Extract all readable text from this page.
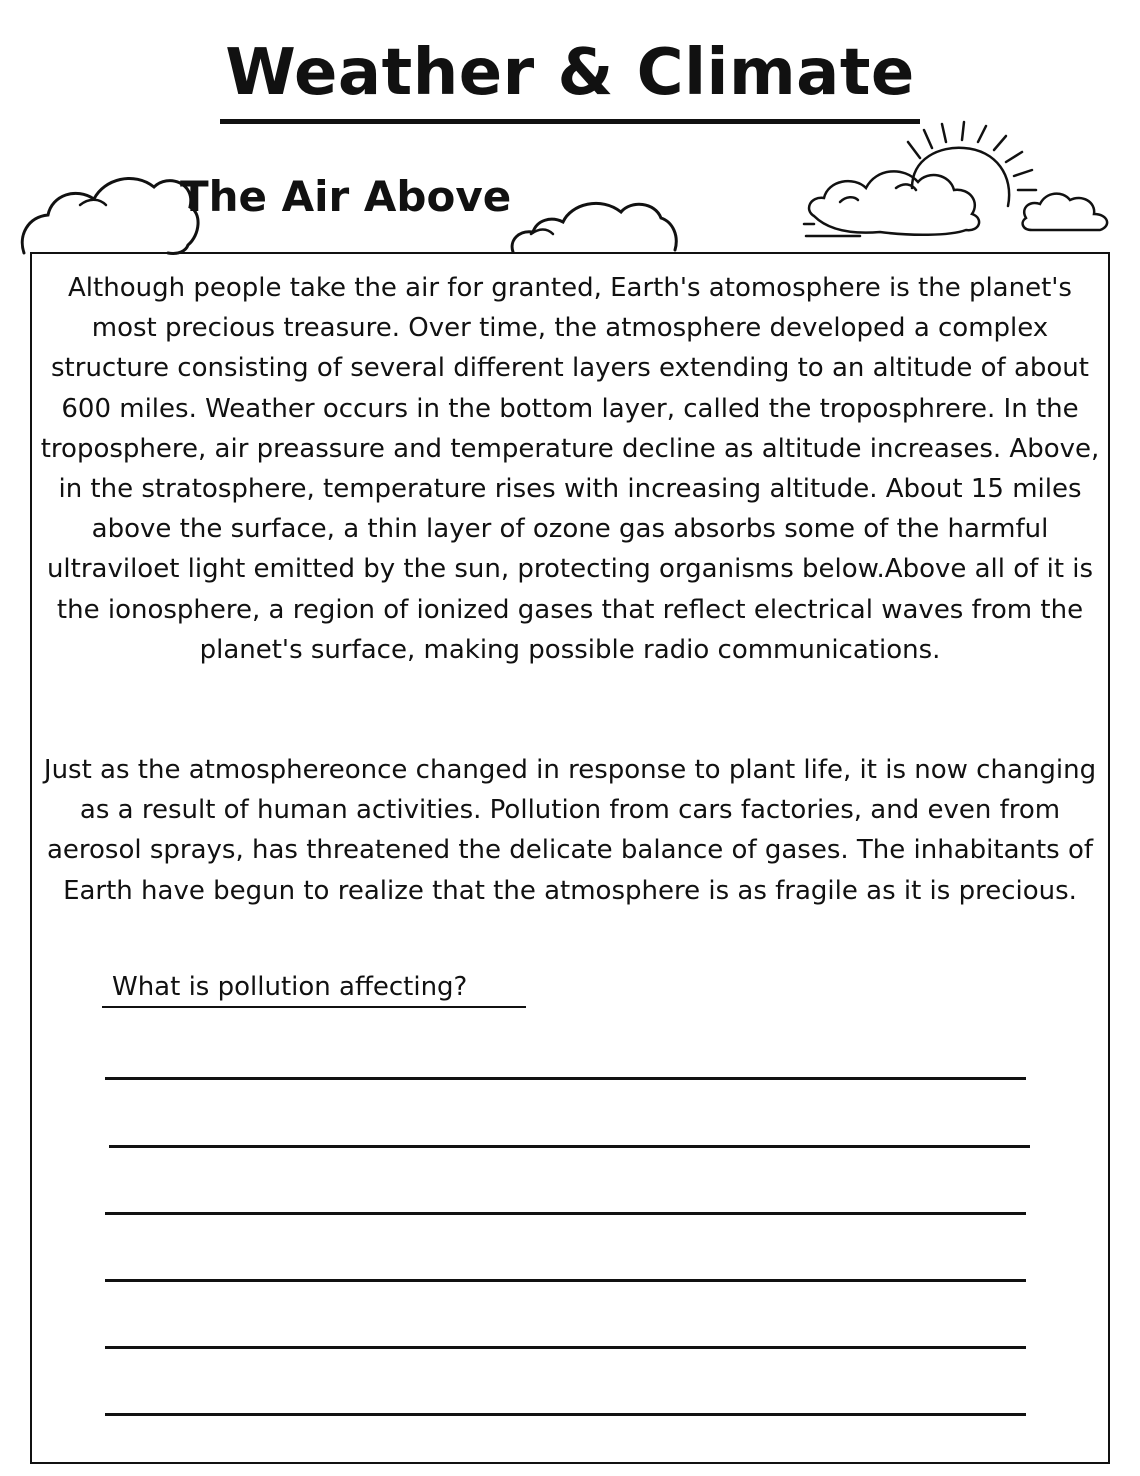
Weather & Climate
The Air Above

Although people take the air for granted, Earth's atomosphere is the planet's most precious treasure. Over time, the atmosphere developed a complex structure consisting of several different layers extending to an altitude of about 600 miles. Weather occurs in the bottom layer, called the troposphrere. In the troposphere, air preassure and temperature decline as altitude increases. Above, in the stratosphere, temperature rises with increasing altitude. About 15 miles above the surface, a thin layer of ozone gas absorbs some of the harmful ultraviloet light emitted by the sun, protecting organisms below.Above all of it is the ionosphere, a region of ionized gases that reflect electrical waves from the planet's surface, making possible radio communications.

Just as the atmosphereonce changed in response to plant life, it is now changing as a result of human activities. Pollution from cars factories, and even from aerosol sprays, has threatened the delicate balance of gases. The inhabitants of Earth have begun to realize that the atmosphere is as fragile as it is precious.

What is pollution affecting?
